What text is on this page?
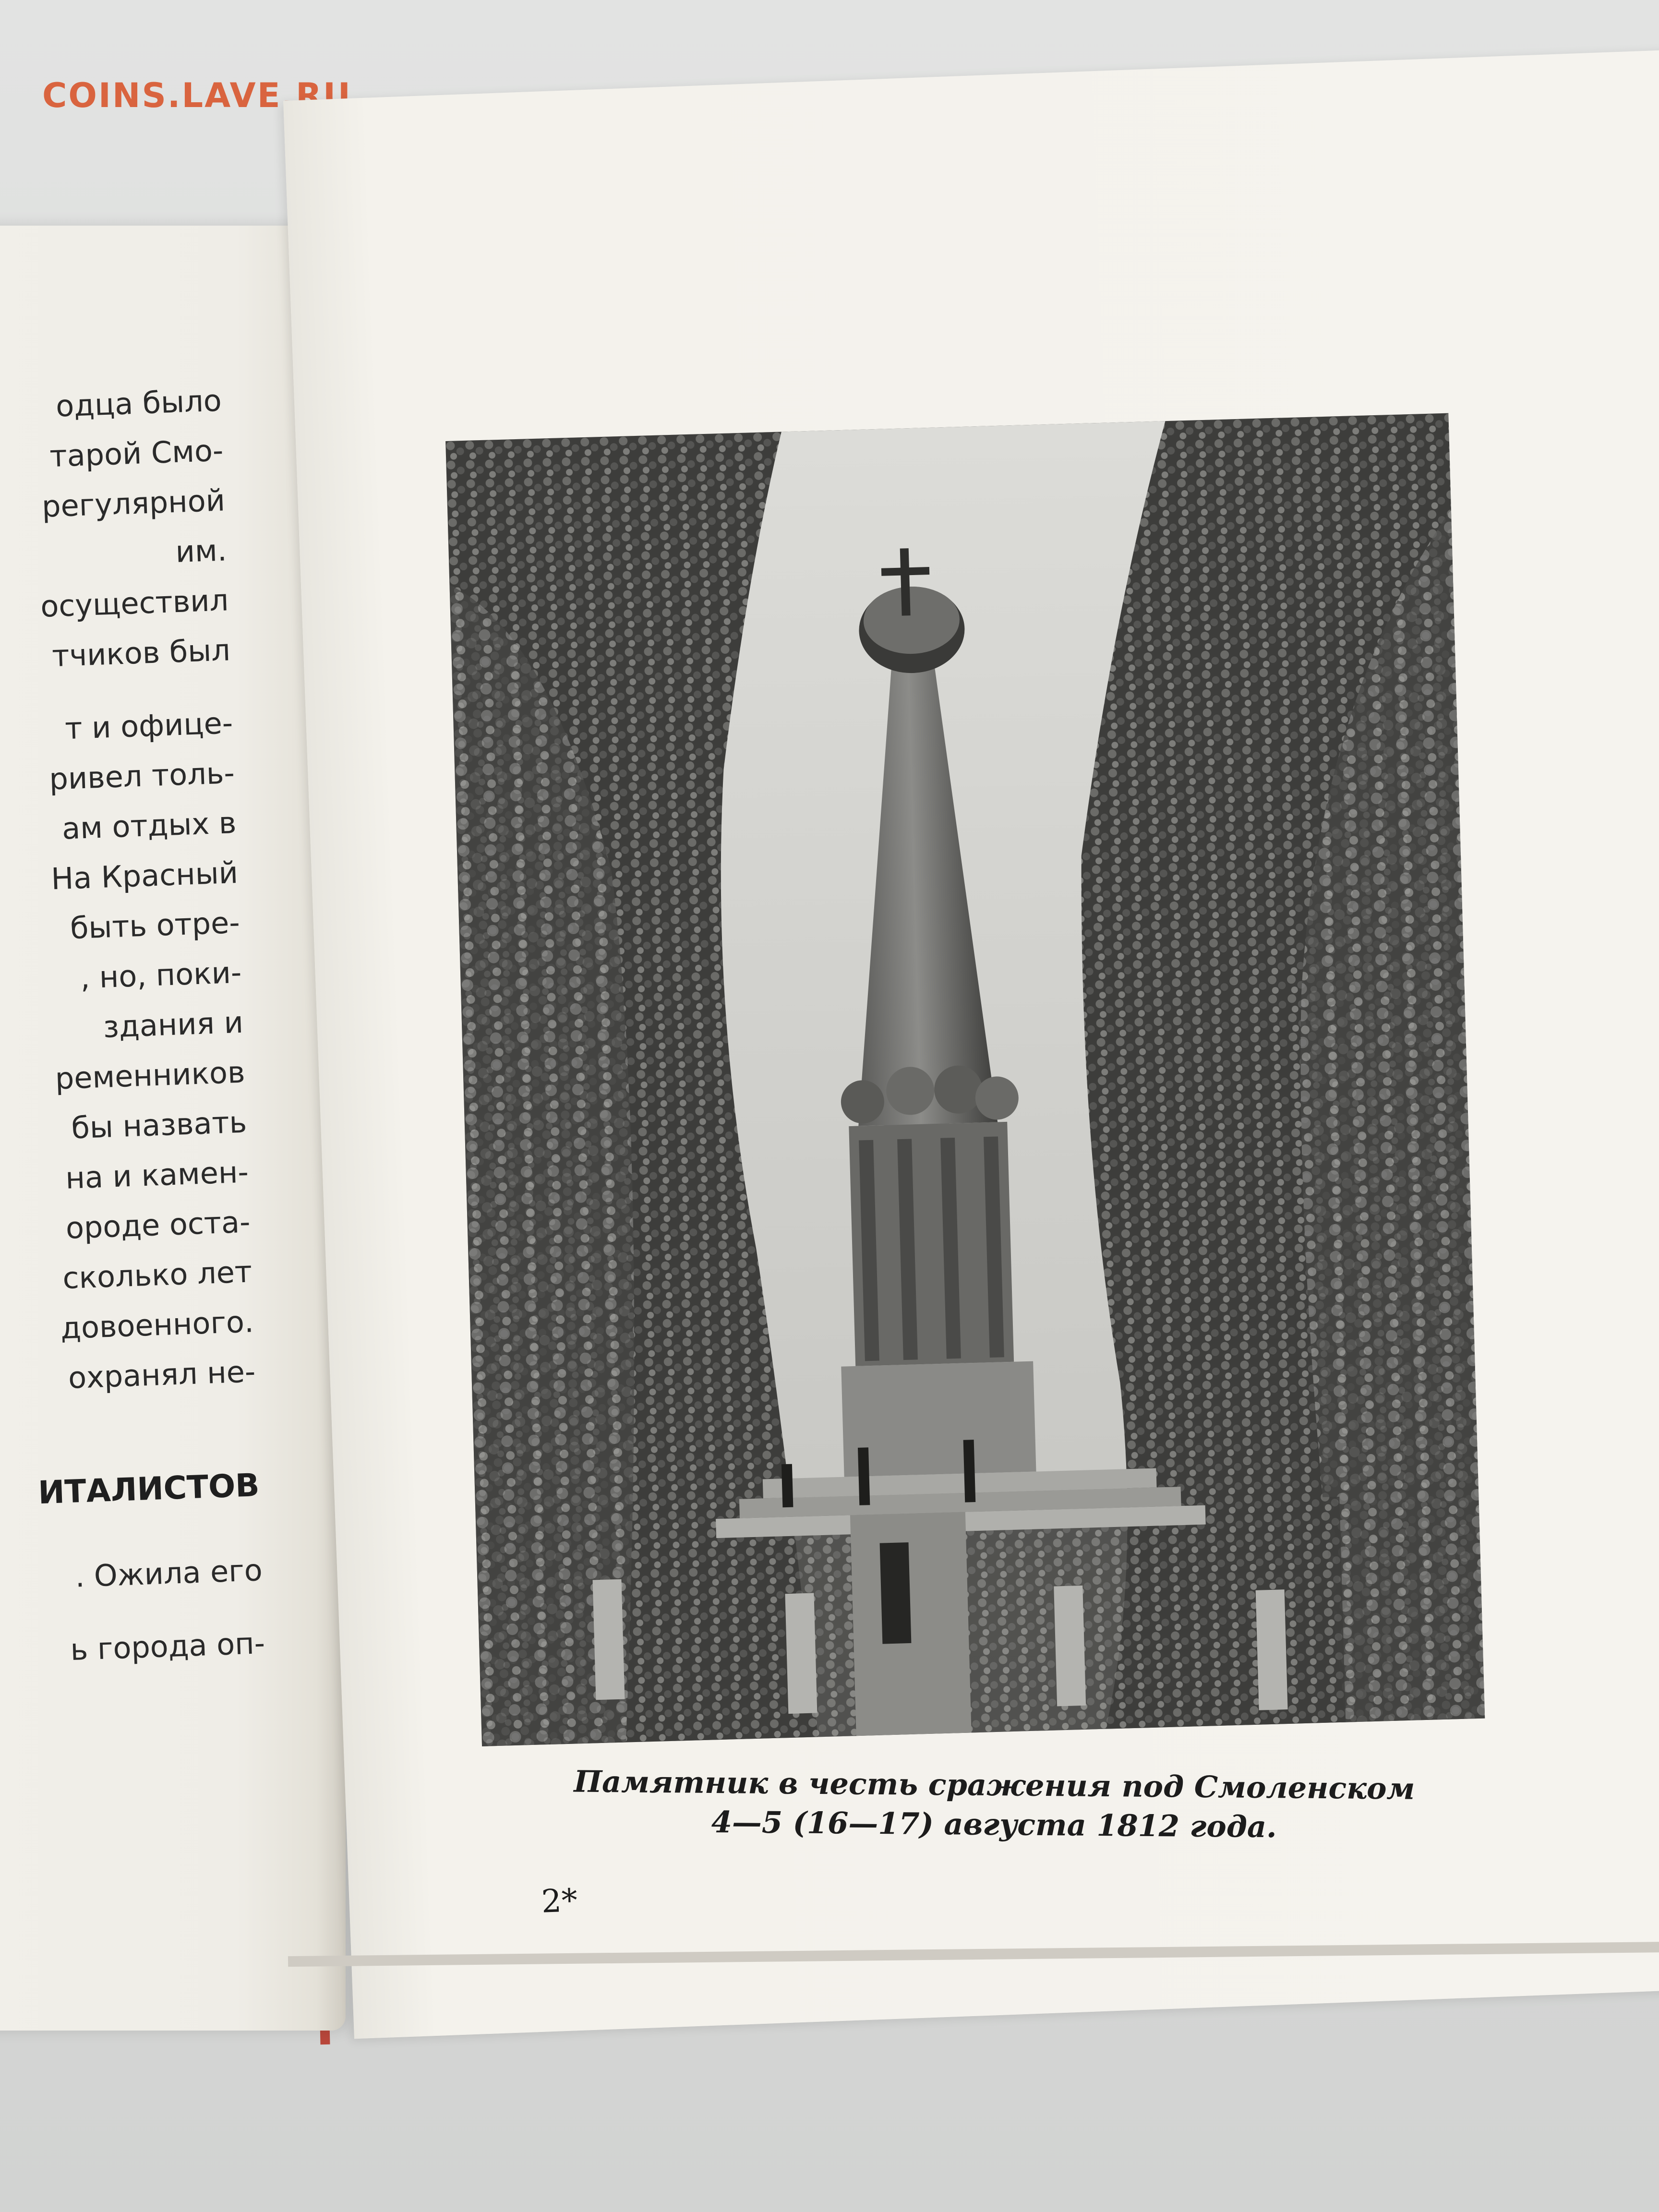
COINS.LAVE.RU
одца было
тарой Смо-
регулярной
им.
осуществил
тчиков был
т и офице-
ривел толь-
ам отдых в
На Красный
быть отре-
, но, поки-
здания и
ременников
бы назвать
на и камен-
ороде оста-
сколько лет
довоенного.
охранял не-
ИТАЛИСТОВ
. Ожила его
ь города оп-
Памятник в честь сражения под Смоленском
4—5 (16—17) августа 1812 года.
2*
